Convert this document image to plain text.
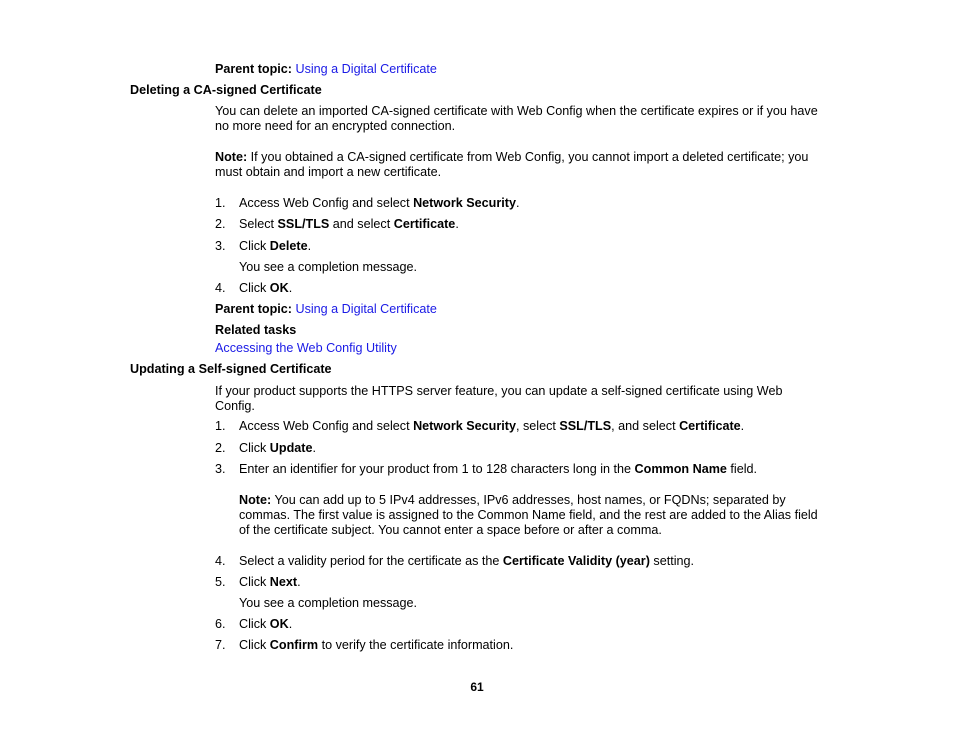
Parent topic: Using a Digital Certificate
Deleting a CA-signed Certificate
You can delete an imported CA-signed certificate with Web Config when the certificate expires or if you have no more need for an encrypted connection.
Note: If you obtained a CA-signed certificate from Web Config, you cannot import a deleted certificate; you must obtain and import a new certificate.
1.	Access Web Config and select Network Security.
2.	Select SSL/TLS and select Certificate.
3.	Click Delete.
You see a completion message.
4.	Click OK.
Parent topic: Using a Digital Certificate
Related tasks
Accessing the Web Config Utility
Updating a Self-signed Certificate
If your product supports the HTTPS server feature, you can update a self-signed certificate using Web Config.
1.	Access Web Config and select Network Security, select SSL/TLS, and select Certificate.
2.	Click Update.
3.	Enter an identifier for your product from 1 to 128 characters long in the Common Name field.
Note: You can add up to 5 IPv4 addresses, IPv6 addresses, host names, or FQDNs; separated by commas. The first value is assigned to the Common Name field, and the rest are added to the Alias field of the certificate subject. You cannot enter a space before or after a comma.
4.	Select a validity period for the certificate as the Certificate Validity (year) setting.
5.	Click Next.
You see a completion message.
6.	Click OK.
7.	Click Confirm to verify the certificate information.
61
